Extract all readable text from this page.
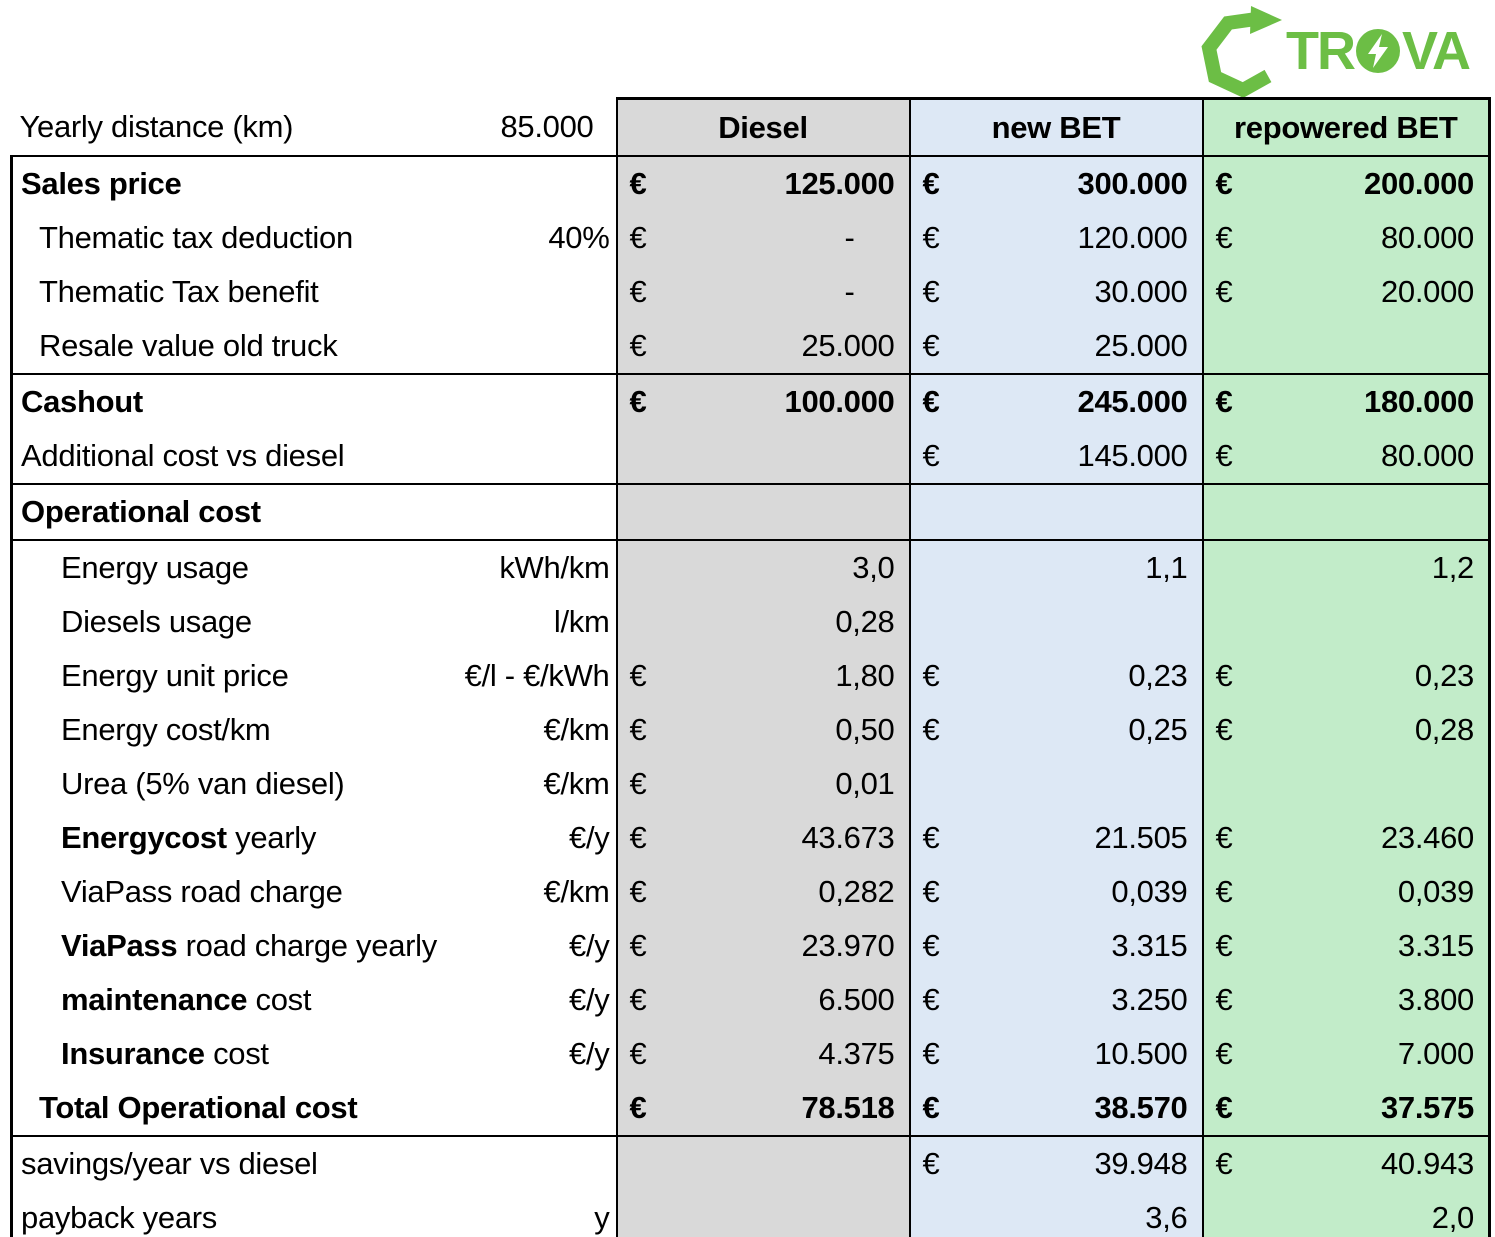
TR VA
Yearly distance (km) 85.000	Diesel	new BET	repowered BET

Sales price	€ 125.000	€ 300.000	€ 200.000

Thematic tax deduction 40%	€ -	€ 120.000	€ 80.000

Thematic Tax benefit	€ -	€ 30.000	€ 20.000

Resale value old truck	€ 25.000	€ 25.000	

Cashout	€ 100.000	€ 245.000	€ 180.000

Additional cost vs diesel		€ 145.000	€ 80.000

Operational cost			

Energy usage kWh/km	3,0	1,1	1,2

Diesels usage l/km	0,28		

Energy unit price €/l - €/kWh	€ 1,80	€ 0,23	€ 0,23

Energy cost/km €/km	€ 0,50	€ 0,25	€ 0,28

Urea (5% van diesel) €/km	€ 0,01		

Energycost yearly €/y	€ 43.673	€ 21.505	€ 23.460

ViaPass road charge €/km	€ 0,282	€ 0,039	€ 0,039

ViaPass road charge yearly €/y	€ 23.970	€ 3.315	€ 3.315

maintenance cost €/y	€ 6.500	€ 3.250	€ 3.800

Insurance cost €/y	€ 4.375	€ 10.500	€ 7.000

Total Operational cost	€ 78.518	€ 38.570	€ 37.575

savings/year vs diesel		€ 39.948	€ 40.943

payback years y		3,6	2,0
